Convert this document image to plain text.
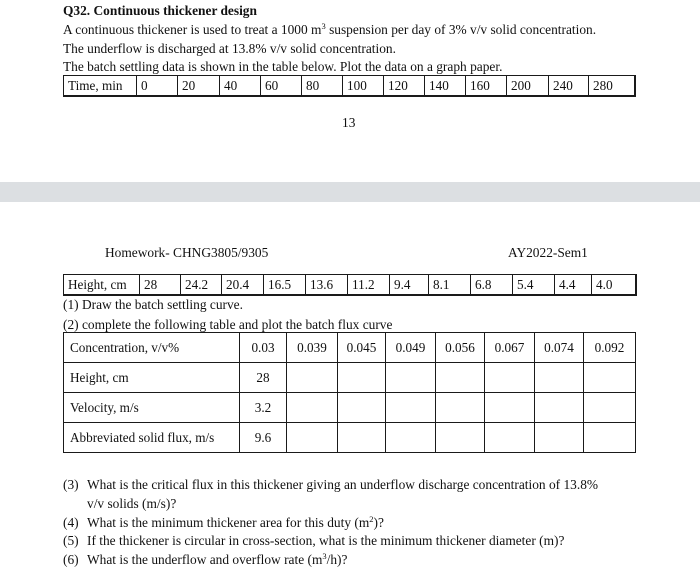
Q32. Continuous thickener design
A continuous thickener is used to treat a 1000 $m^3$ suspension per day of 3% v/v solid concentration.
The underflow is discharged at 13.8% v/v solid concentration.
The batch settling data is shown in the table below. Plot the data on a graph paper.
Time, min	0	20	40	60	80	100	120	140	160	200	240	280
13
Homework- CHNG3805/9305	AY2022-Sem1
Height, cm	28	24.2	20.4	16.5	13.6	11.2	9.4	8.1	6.8	5.4	4.4	4.0
(1) Draw the batch settling curve.
(2) complete the following table and plot the batch flux curve
Concentration, v/v%	0.03	0.039	0.045	0.049	0.056	0.067	0.074	0.092
Height, cm	28							
Velocity, m/s	3.2							
Abbreviated solid flux, m/s	9.6							
(3) What is the critical flux in this thickener giving an underflow discharge concentration of 13.8%
v/v solids (m/s)?
(4) What is the minimum thickener area for this duty $(m^2)$?
(5) If the thickener is circular in cross-section, what is the minimum thickener diameter (m)?
(6) What is the underflow and overflow rate $(m^3/h)$?
